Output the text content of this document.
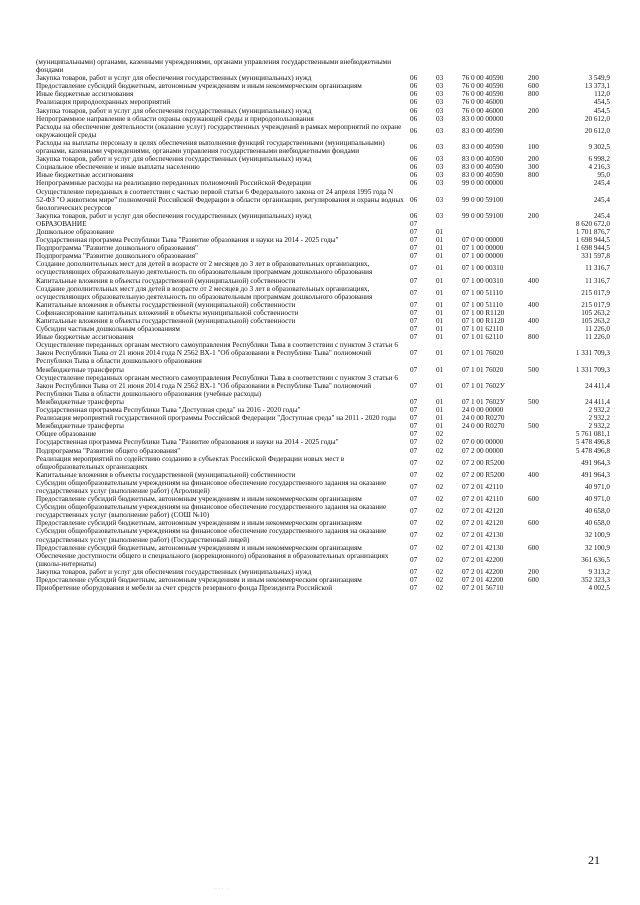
(муниципальными) органами, казенными учреждениями, органами управления государственными внебюджетными фондами
Закупка товаров, работ и услуг для обеспечения государственных (муниципальных) нужд	06	03	76 0 00 40590	200	3 549,9
Предоставление субсидий бюджетным, автономным учреждениям и иным некоммерческим организациям	06	03	76 0 00 40590	600	13 373,1
Иные бюджетные ассигнования	06	03	76 0 00 40590	800	112,0
Реализация природоохранных мероприятий	06	03	76 0 00 46000	454,5
Закупка товаров, работ и услуг для обеспечения государственных (муниципальных) нужд	06	03	76 0 00 46000	200	454,5
Непрограммное направление в области охраны окружающей среды и природопользования	06	03	83 0 00 00000	20 612,0
Расходы на обеспечение деятельности (оказание услуг) государственных учреждений в рамках мероприятий по охране окружающей среды
06	03	83 0 00 40590	20 612,0
Расходы на выплаты персоналу в целях обеспечения выполнения функций государственными (муниципальными) органами, казенными учреждениями, органами управления государственными внебюджетными фондами
06	03	83 0 00 40590	100	9 302,5
Закупка товаров, работ и услуг для обеспечения государственных (муниципальных) нужд	06	03	83 0 00 40590	200	6 998,2
Социальное обеспечение и иные выплаты населению	06	03	83 0 00 40590	300	4 216,3
Иные бюджетные ассигнования	06	03	83 0 00 40590	800	95,0
Непрограммные расходы на реализацию переданных полномочий Российской Федерации	06	03	99 0 00 00000	245,4
Осуществление переданных в соответствии с частью первой статьи 6 Федерального закона от 24 апреля 1995 года N 52-ФЗ "О животном мире" полномочий Российской Федерации в области организации, регулирования и охраны водных биологических ресурсов
06	03	99 0 00 59100	245,4
Закупка товаров, работ и услуг для обеспечения государственных (муниципальных) нужд	06	03	99 0 00 59100	200	245,4
ОБРАЗОВАНИЕ	07	8 620 672,0
Дошкольное образование	07	01	1 701 876,7
Государственная программа Республики Тыва "Развитие образования и науки на 2014 - 2025 годы"	07	01	07 0 00 00000	1 698 944,5
Подпрограмма "Развитие дошкольного образования"	07	01	07 1 00 00000	1 698 944,5
Подпрограмма "Развитие дошкольного образования"	07	01	07 1 00 00000	331 597,8
Создание дополнительных мест для детей в возрасте от 2 месяцев до 3 лет в образовательных организациях, осуществляющих образовательную деятельность по образовательным программам дошкольного образования
07	01	07 1 00 00310	11 316,7
Капитальные вложения в объекты государственной (муниципальной) собственности	07	01	07 1 00 00310	400	11 316,7
Создание дополнительных мест для детей в возрасте от 2 месяцев до 3 лет в образовательных организациях, осуществляющих образовательную деятельность по образовательным программам дошкольного образования
07	01	07 1 00 51110	215 017,9
Капитальные вложения в объекты государственной (муниципальной) собственности	07	01	07 1 00 51110	400	215 017,9
Софинансирование капитальных вложений в объекты муниципальной собственности	07	01	07 1 00 R1120	105 263,2
Капитальные вложения в объекты государственной (муниципальной) собственности	07	01	07 1 00 R1120	400	105 263,2
Субсидии частным дошкольным образованиям	07	01	07 1 01 62110	11 226,0
Иные бюджетные ассигнования	07	01	07 1 01 62110	800	11 226,0
Осуществление переданных органам местного самоуправления Республики Тыва в соответствии с пунктом 3 статьи 6 Закон Республики Тыва от 21 июня 2014 года N 2562 ВХ-1 "Об образовании в Республике Тыва" полномочий Республики Тыва в области дошкольного образования
07	01	07 1 01 76020	1 331 709,3
Межбюджетные трансферты	07	01	07 1 01 76020	500	1 331 709,3
Осуществление переданных органам местного самоуправления Республики Тыва в соответствии с пунктом 3 статьи 6 Закон Республики Тыва от 21 июня 2014 года N 2562 ВХ-1 "Об образовании в Республике Тыва" полномочий Республики Тыва в области дошкольного образования (учебные расходы)
07	01	07 1 01 7602У	24 411,4
Межбюджетные трансферты	07	01	07 1 01 7602У	500	24 411,4
Государственная программа Республики Тыва "Доступная среда" на 2016 - 2020 годы"	07	01	24 0 00 00000	2 932,2
Реализация мероприятий государственной программы Российской Федерации "Доступная среда" на 2011 - 2020 годы	07	01	24 0 00 R0270	2 932,2
Межбюджетные трансферты	07	01	24 0 00 R0270	500	2 932,2
Общее образование	07	02	5 761 081,1
Государственная программа Республики Тыва "Развитие образования и науки на 2014 - 2025 годы"	07	02	07 0 00 00000	5 478 496,8
Подпрограмма "Развитие общего образования"	07	02	07 2 00 00000	5 478 496,8
Реализация мероприятий по содействию созданию в субъектах Российской Федерации новых мест в общеобразовательных организациях
07	02	07 2 00 R5200	491 964,3
Капитальные вложения в объекты государственной (муниципальной) собственности	07	02	07 2 00 R5200	400	491 964,3
Субсидии общеобразовательным учреждениям на финансовое обеспечение государственного задания на оказание государственных услуг (выполнение работ) (Агролицей)
07	02	07 2 01 42110	40 971,0
Предоставление субсидий бюджетным, автономным учреждениям и иным некоммерческим организациям	07	02	07 2 01 42110	600	40 971,0
Субсидии общеобразовательным учреждениям на финансовое обеспечение государственного задания на оказание государственных услуг (выполнение работ) (СОШ №10)
07	02	07 2 01 42120	40 658,0
Предоставление субсидий бюджетным, автономным учреждениям и иным некоммерческим организациям	07	02	07 2 01 42120	600	40 658,0
Субсидии общеобразовательным учреждениям на финансовое обеспечение государственного задания на оказание государственных услуг (выполнение работ) (Государственный лицей)
07	02	07 2 01 42130	32 100,9
Предоставление субсидий бюджетным, автономным учреждениям и иным некоммерческим организациям	07	02	07 2 01 42130	600	32 100,9
Обеспечение доступности общего и специального (коррекционного) образования в образовательных организациях (школы-интернаты)
07	02	07 2 01 42200	361 636,5
Закупка товаров, работ и услуг для обеспечения государственных (муниципальных) нужд	07	02	07 2 01 42200	200	9 313,2
Предоставление субсидий бюджетным, автономным учреждениям и иным некоммерческим организациям	07	02	07 2 01 42200	600	352 323,3
Приобретение оборудования и мебели за счет средств резервного фонда Президента Российской	07	02	07 2 01 56710	4 002,5
21
· ·· ·
